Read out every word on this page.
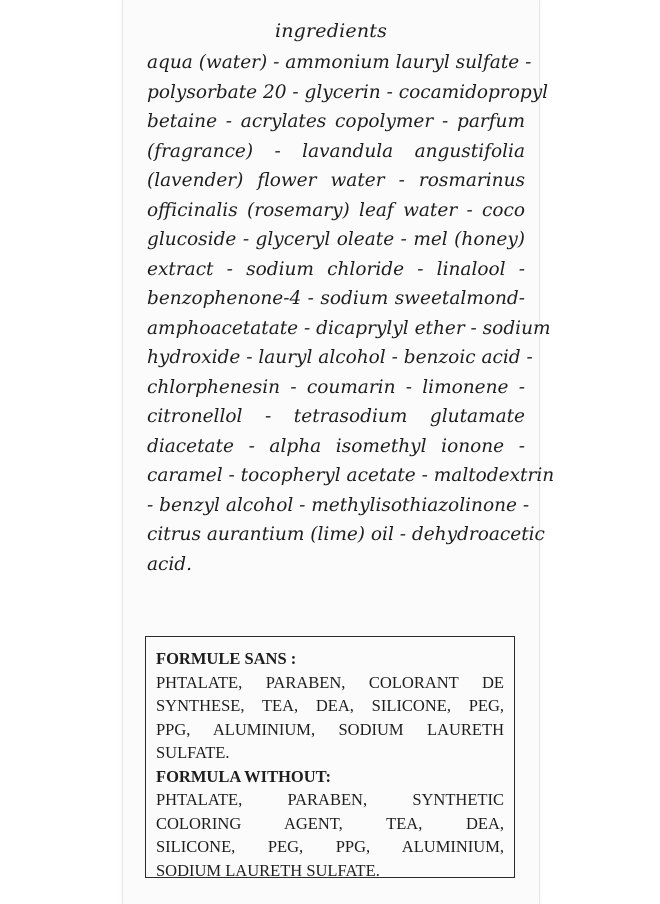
ingredients
aqua (water) - ammonium lauryl sulfate -
polysorbate 20 - glycerin - cocamidopropyl
betaine - acrylates copolymer - parfum
(fragrance) - lavandula angustifolia
(lavender) flower water - rosmarinus
officinalis (rosemary) leaf water - coco
glucoside - glyceryl oleate - mel (honey)
extract - sodium chloride - linalool -
benzophenone-4 - sodium sweetalmond-
amphoacetatate - dicaprylyl ether - sodium
hydroxide - lauryl alcohol - benzoic acid -
chlorphenesin - coumarin - limonene -
citronellol - tetrasodium glutamate
diacetate - alpha isomethyl ionone -
caramel - tocopheryl acetate - maltodextrin
- benzyl alcohol - methylisothiazolinone -
citrus aurantium (lime) oil - dehydroacetic
acid.
FORMULE SANS :
PHTALATE, PARABEN, COLORANT DE
SYNTHESE, TEA, DEA, SILICONE, PEG,
PPG, ALUMINIUM, SODIUM LAURETH
SULFATE.
FORMULA WITHOUT:
PHTALATE, PARABEN, SYNTHETIC
COLORING AGENT, TEA, DEA,
SILICONE, PEG, PPG, ALUMINIUM,
SODIUM LAURETH SULFATE.
